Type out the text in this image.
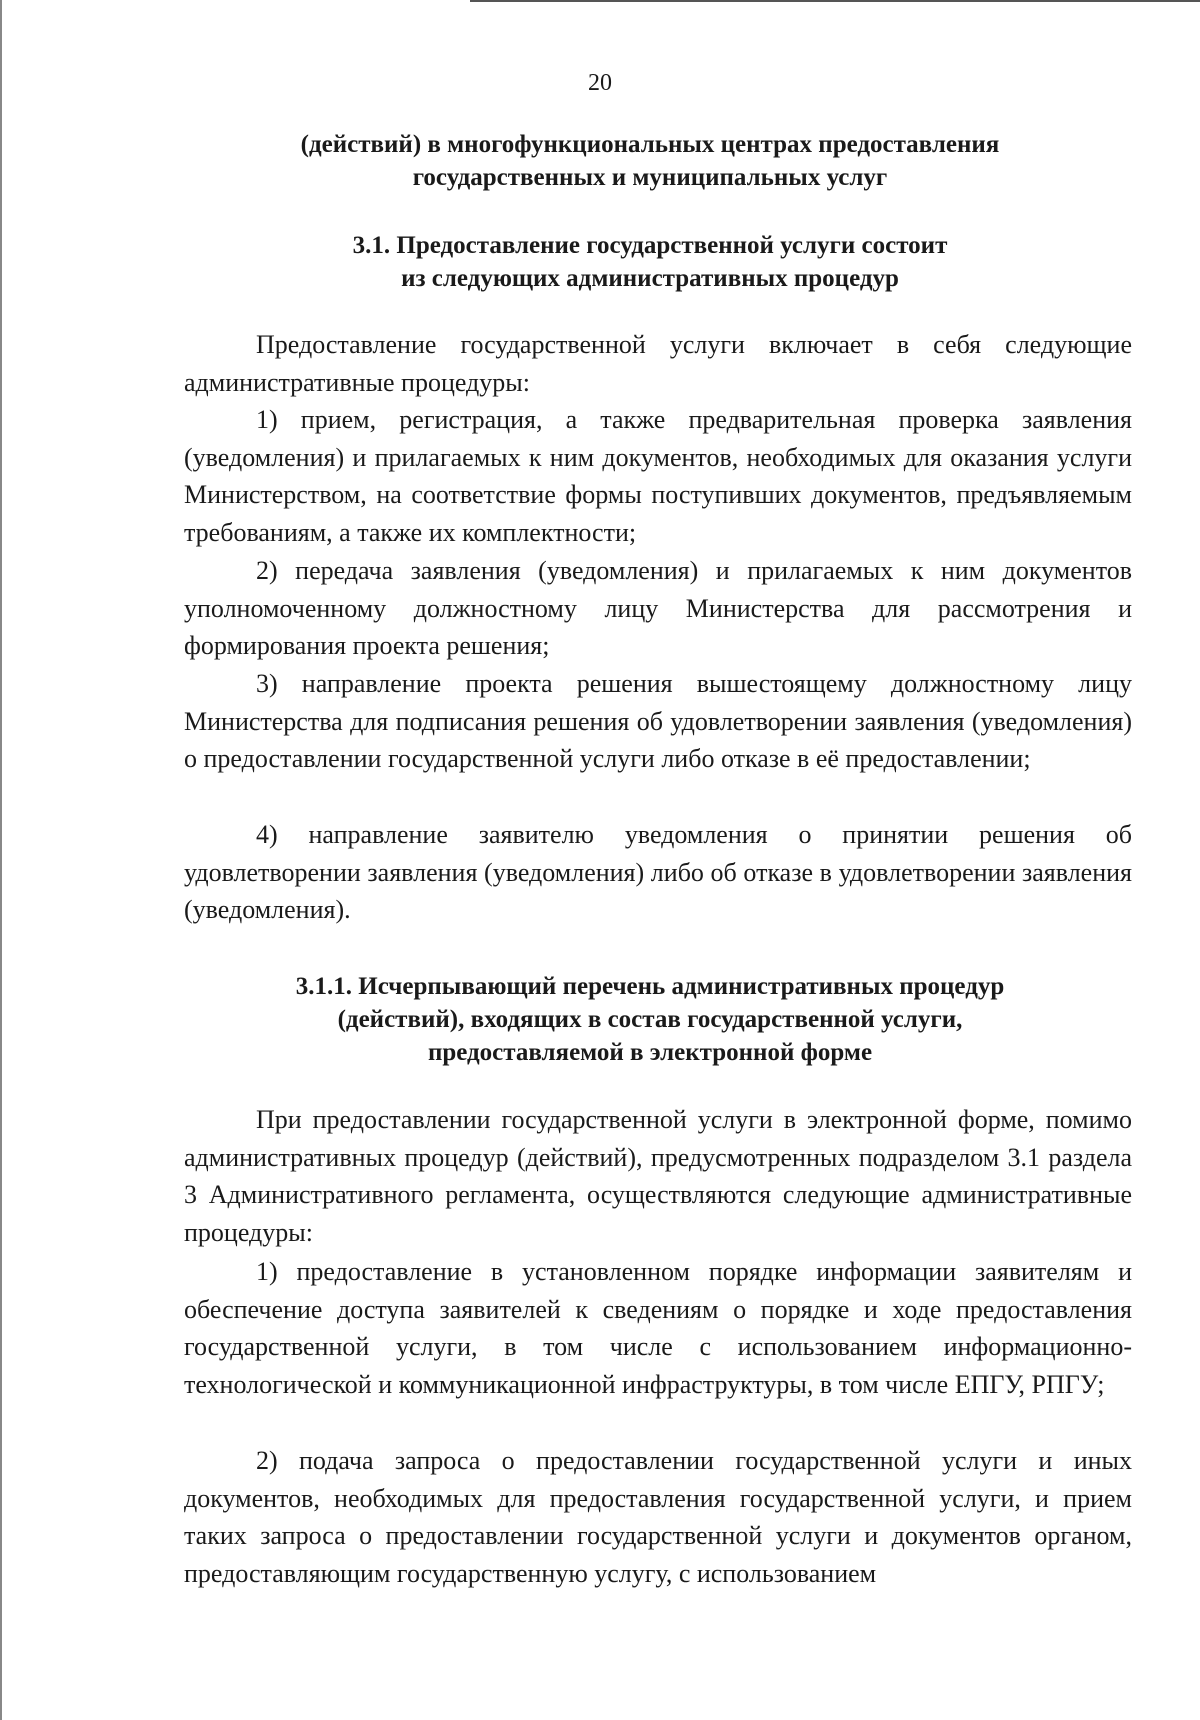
20
(действий) в многофункциональных центрах предоставления
государственных и муниципальных услуг
3.1. Предоставление государственной услуги состоит
из следующих административных процедур

Предоставление государственной услуги включает в себя следующие административные процедуры:

1) прием, регистрация, а также предварительная проверка заявления (уведомления) и прилагаемых к ним документов, необходимых для оказания услуги Министерством, на соответствие формы поступивших документов, предъявляемым требованиям, а также их комплектности;

2) передача заявления (уведомления) и прилагаемых к ним документов уполномоченному должностному лицу Министерства для рассмотрения и формирования проекта решения;

3) направление проекта решения вышестоящему должностному лицу Министерства для подписания решения об удовлетворении заявления (уведомления) о предоставлении государственной услуги либо отказе в её предоставлении;

4) направление заявителю уведомления о принятии решения об удовлетворении заявления (уведомления) либо об отказе в удовлетворении заявления (уведомления).

3.1.1. Исчерпывающий перечень административных процедур
(действий), входящих в состав государственной услуги,
предоставляемой в электронной форме

При предоставлении государственной услуги в электронной форме, помимо административных процедур (действий), предусмотренных подразделом 3.1 раздела 3 Административного регламента, осуществляются следующие административные процедуры:

1) предоставление в установленном порядке информации заявителям и обеспечение доступа заявителей к сведениям о порядке и ходе предоставления государственной услуги, в том числе с использованием информационно-технологической и коммуникационной инфраструктуры, в том числе ЕПГУ, РПГУ;

2) подача запроса о предоставлении государственной услуги и иных документов, необходимых для предоставления государственной услуги, и прием таких запроса о предоставлении государственной услуги и документов органом, предоставляющим государственную услугу, с использованием
